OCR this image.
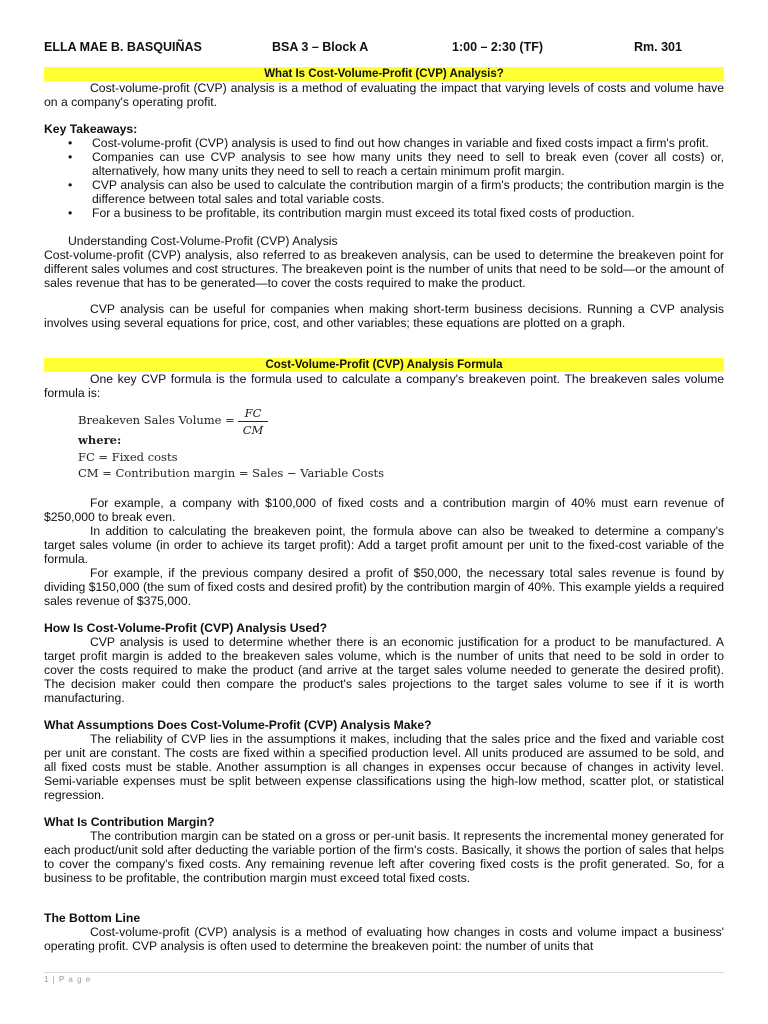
ELLA MAE B. BASQUIÑAS	BSA 3 – Block A	1:00 – 2:30 (TF)	Rm. 301
What Is Cost-Volume-Profit (CVP) Analysis?

Cost-volume-profit (CVP) analysis is a method of evaluating the impact that varying levels of costs and volume have on a company's operating profit.

Key Takeaways:
• Cost-volume-profit (CVP) analysis is used to find out how changes in variable and fixed costs impact a firm's profit.
• Companies can use CVP analysis to see how many units they need to sell to break even (cover all costs) or, alternatively, how many units they need to sell to reach a certain minimum profit margin.
• CVP analysis can also be used to calculate the contribution margin of a firm's products; the contribution margin is the difference between total sales and total variable costs.
• For a business to be profitable, its contribution margin must exceed its total fixed costs of production.
Understanding Cost-Volume-Profit (CVP) Analysis

Cost-volume-profit (CVP) analysis, also referred to as breakeven analysis, can be used to determine the breakeven point for different sales volumes and cost structures. The breakeven point is the number of units that need to be sold—or the amount of sales revenue that has to be generated—to cover the costs required to make the product.

CVP analysis can be useful for companies when making short-term business decisions. Running a CVP analysis involves using several equations for price, cost, and other variables; these equations are plotted on a graph.

Cost-Volume-Profit (CVP) Analysis Formula

One key CVP formula is the formula used to calculate a company's breakeven point. The breakeven sales volume formula is:

Breakeven Sales Volume = FC
CM
where:
FC = Fixed costs
CM = Contribution margin = Sales − Variable Costs

For example, a company with $100,000 of fixed costs and a contribution margin of 40% must earn revenue of $250,000 to break even.

In addition to calculating the breakeven point, the formula above can also be tweaked to determine a company's target sales volume (in order to achieve its target profit): Add a target profit amount per unit to the fixed-cost variable of the formula.

For example, if the previous company desired a profit of $50,000, the necessary total sales revenue is found by dividing $150,000 (the sum of fixed costs and desired profit) by the contribution margin of 40%. This example yields a required sales revenue of $375,000.

How Is Cost-Volume-Profit (CVP) Analysis Used?

CVP analysis is used to determine whether there is an economic justification for a product to be manufactured. A target profit margin is added to the breakeven sales volume, which is the number of units that need to be sold in order to cover the costs required to make the product (and arrive at the target sales volume needed to generate the desired profit). The decision maker could then compare the product's sales projections to the target sales volume to see if it is worth manufacturing.

What Assumptions Does Cost-Volume-Profit (CVP) Analysis Make?

The reliability of CVP lies in the assumptions it makes, including that the sales price and the fixed and variable cost per unit are constant. The costs are fixed within a specified production level. All units produced are assumed to be sold, and all fixed costs must be stable. Another assumption is all changes in expenses occur because of changes in activity level. Semi-variable expenses must be split between expense classifications using the high-low method, scatter plot, or statistical regression.

What Is Contribution Margin?

The contribution margin can be stated on a gross or per-unit basis. It represents the incremental money generated for each product/unit sold after deducting the variable portion of the firm's costs. Basically, it shows the portion of sales that helps to cover the company's fixed costs. Any remaining revenue left after covering fixed costs is the profit generated. So, for a business to be profitable, the contribution margin must exceed total fixed costs.

The Bottom Line

Cost-volume-profit (CVP) analysis is a method of evaluating how changes in costs and volume impact a business' operating profit. CVP analysis is often used to determine the breakeven point: the number of units that

1 | P a g e
